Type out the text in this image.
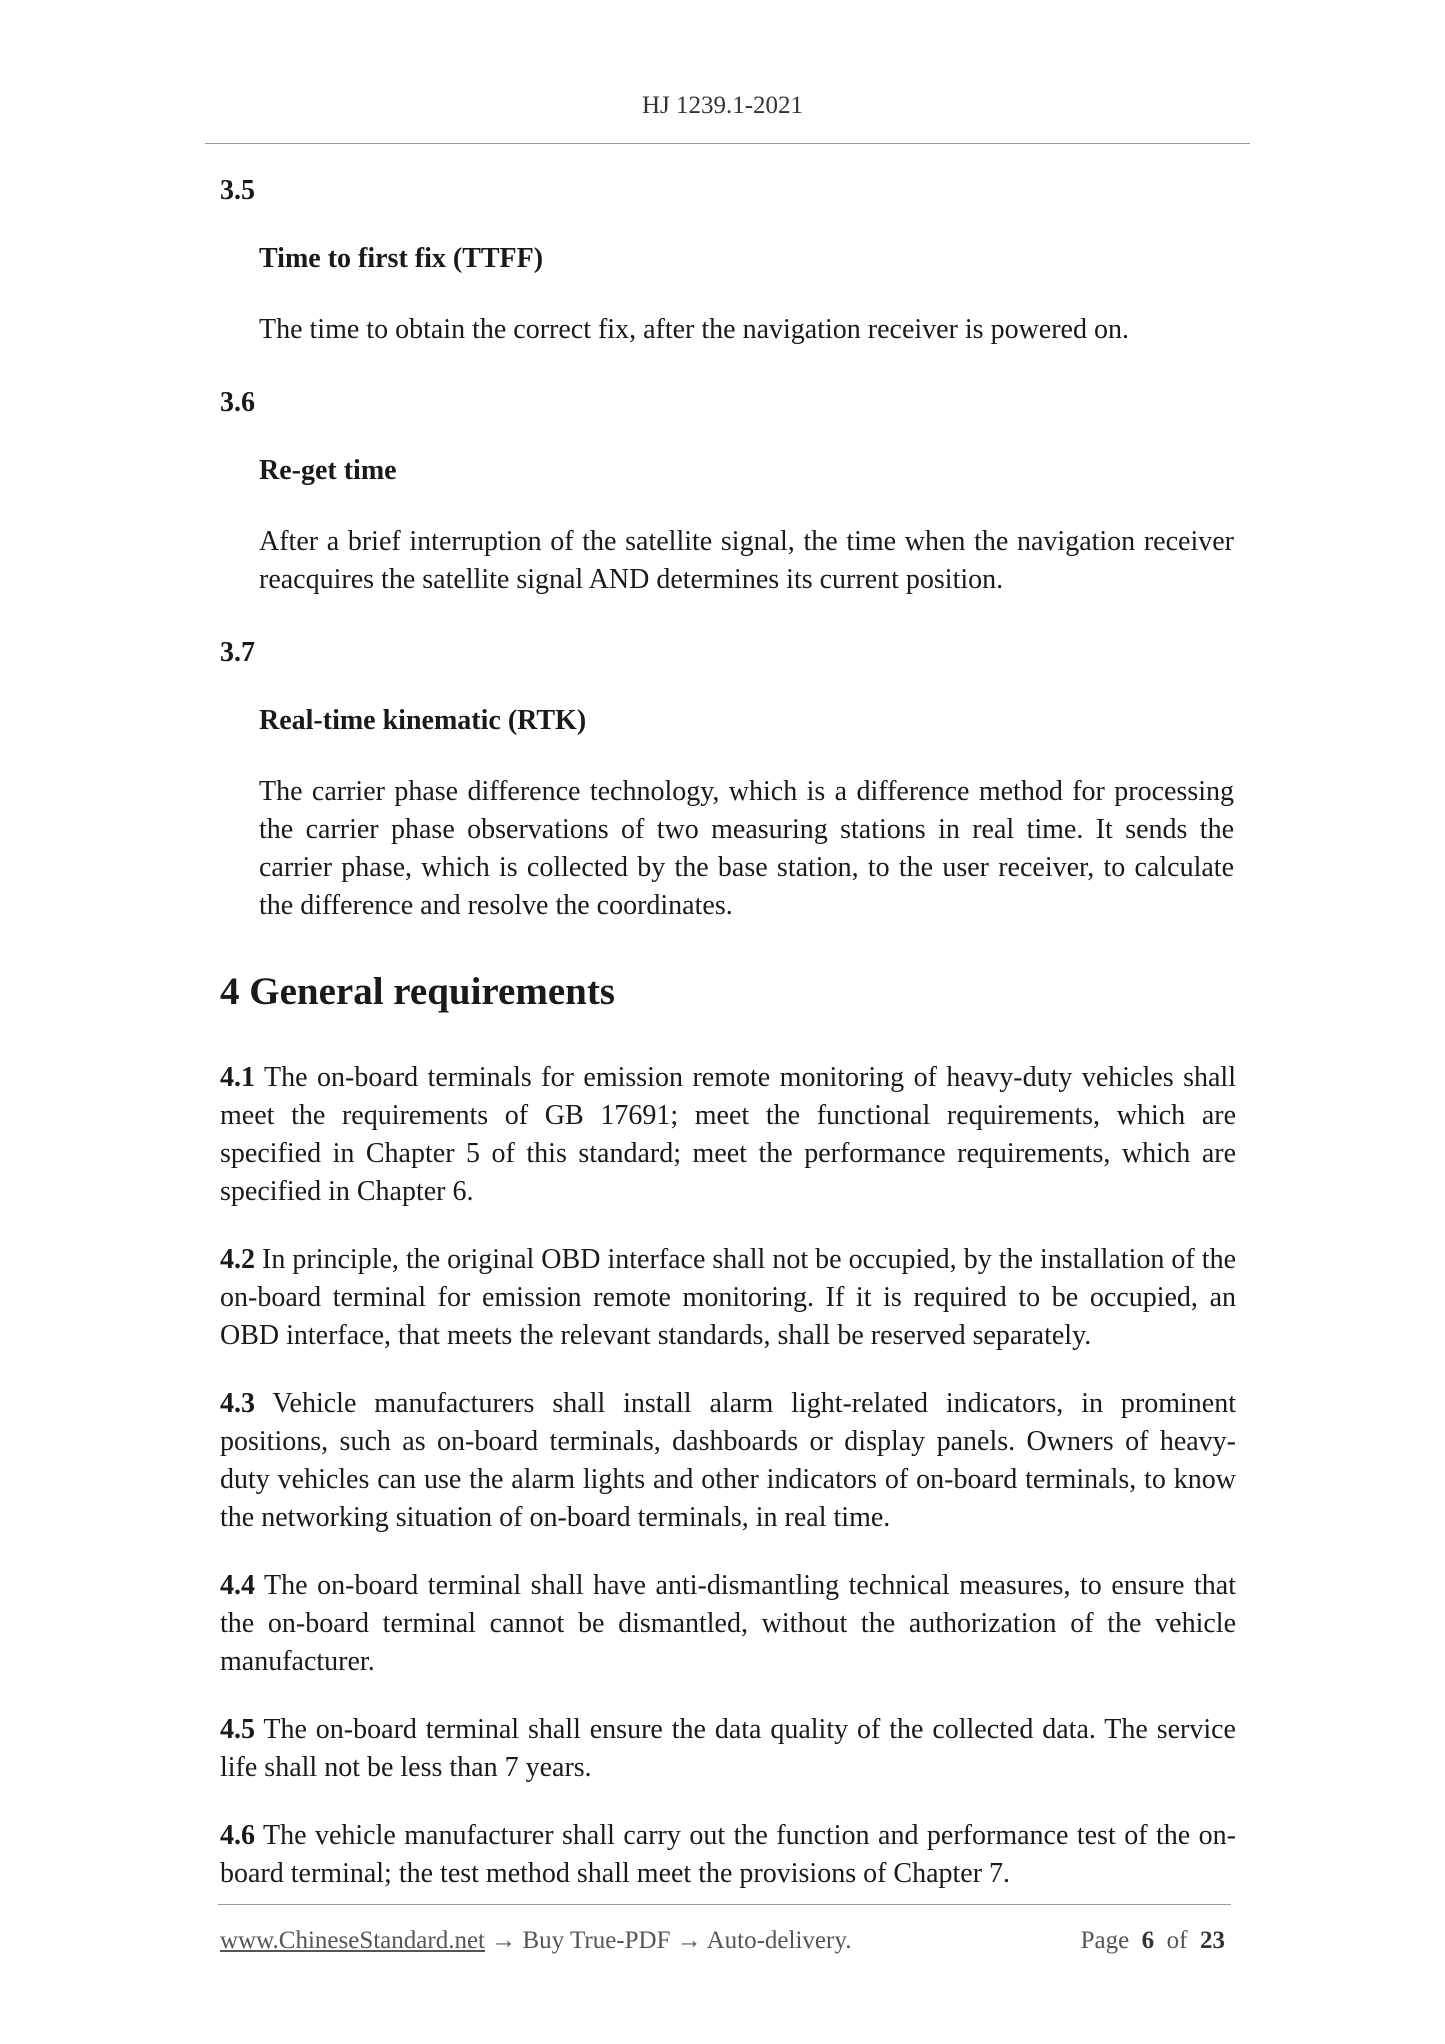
HJ 1239.1-2021
3.5
Time to first fix (TTFF)
The time to obtain the correct fix, after the navigation receiver is powered on.
3.6
Re-get time
After a brief interruption of the satellite signal, the time when the navigation receiver reacquires the satellite signal AND determines its current position.
3.7
Real-time kinematic (RTK)
The carrier phase difference technology, which is a difference method for processing the carrier phase observations of two measuring stations in real time. It sends the carrier phase, which is collected by the base station, to the user receiver, to calculate the difference and resolve the coordinates.
4 General requirements
4.1 The on-board terminals for emission remote monitoring of heavy-duty vehicles shall meet the requirements of GB 17691; meet the functional requirements, which are specified in Chapter 5 of this standard; meet the performance requirements, which are specified in Chapter 6.
4.2 In principle, the original OBD interface shall not be occupied, by the installation of the on-board terminal for emission remote monitoring. If it is required to be occupied, an OBD interface, that meets the relevant standards, shall be reserved separately.
4.3 Vehicle manufacturers shall install alarm light-related indicators, in prominent positions, such as on-board terminals, dashboards or display panels. Owners of heavy-duty vehicles can use the alarm lights and other indicators of on-board terminals, to know the networking situation of on-board terminals, in real time.
4.4 The on-board terminal shall have anti-dismantling technical measures, to ensure that the on-board terminal cannot be dismantled, without the authorization of the vehicle manufacturer.
4.5 The on-board terminal shall ensure the data quality of the collected data. The service life shall not be less than 7 years.
4.6 The vehicle manufacturer shall carry out the function and performance test of the on-board terminal; the test method shall meet the provisions of Chapter 7.
www.ChineseStandard.net → Buy True-PDF → Auto-delivery.	Page 6 of 23
